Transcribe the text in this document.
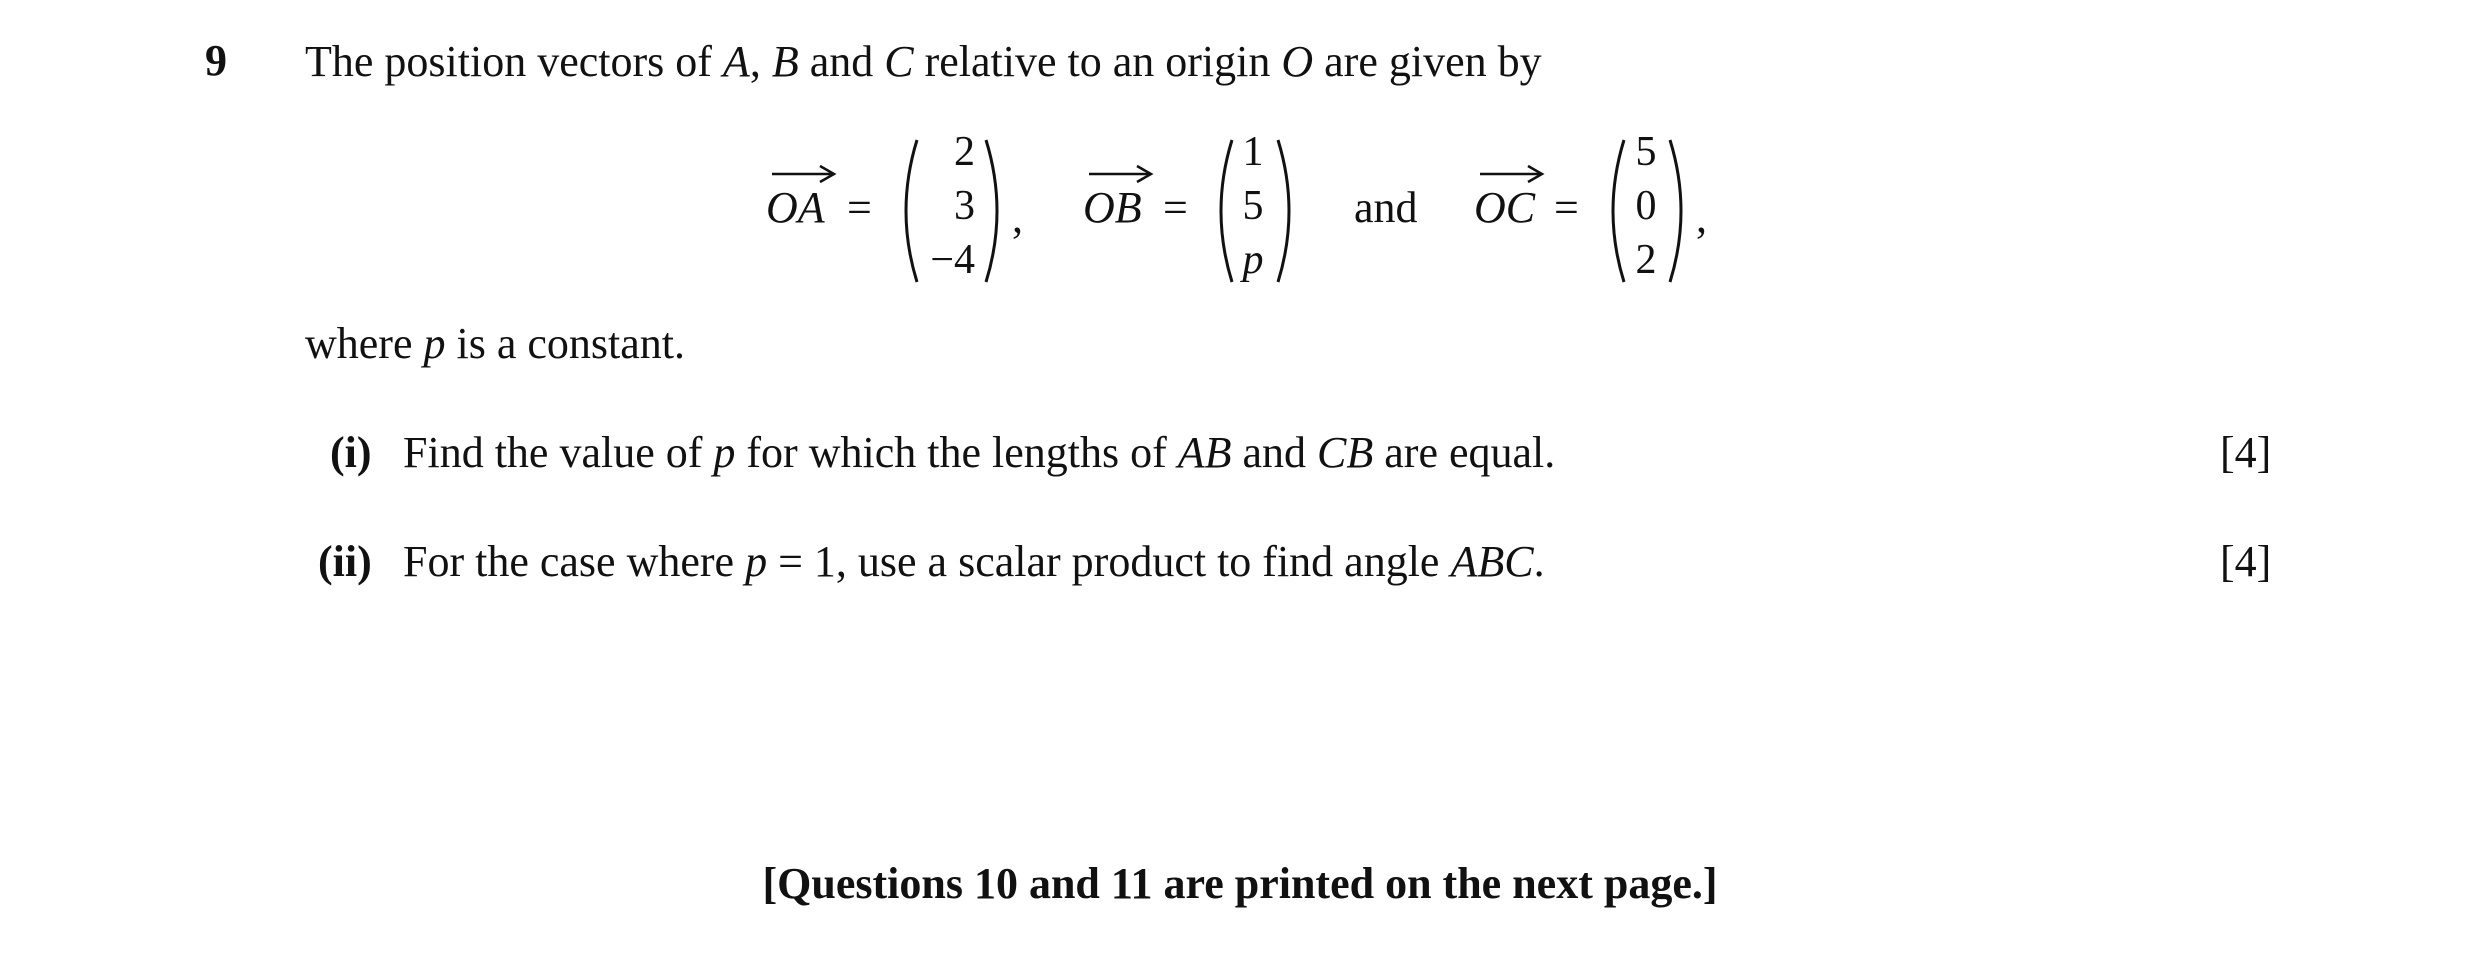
9 The position vectors of A, B and C relative to an origin O are given by
OA =
2
3
−4
, OB =
1
5
p
and OC =
5
0
2
,
where p is a constant.
(i) Find the value of p for which the lengths of AB and CB are equal.	[4]
(ii) For the case where p = 1, use a scalar product to find angle ABC.	[4]
[Questions 10 and 11 are printed on the next page.]
